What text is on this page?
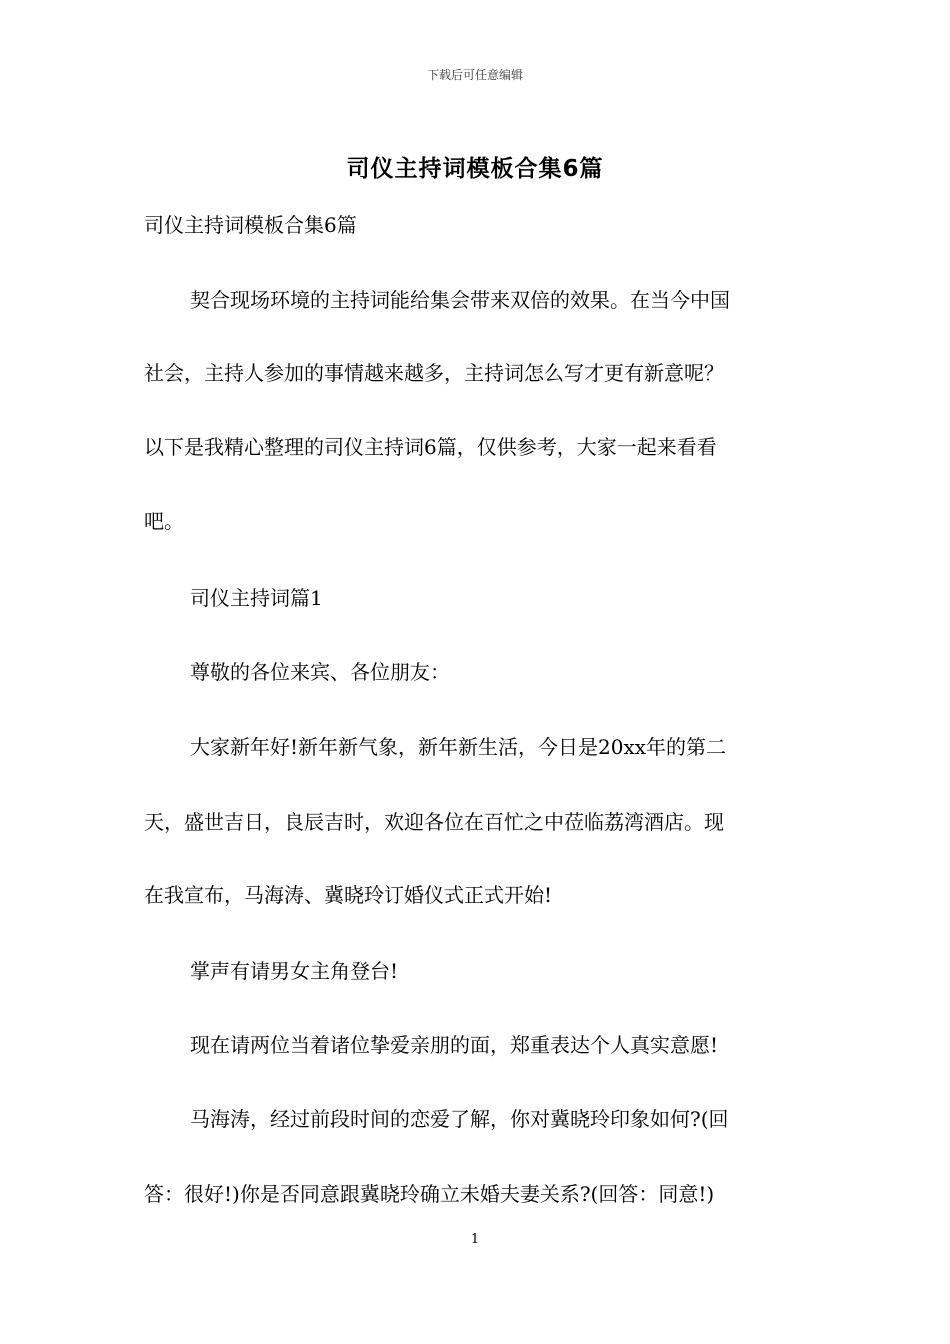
下载后可任意编辑
司仪主持词模板合集6篇
司仪主持词模板合集6篇
契合现场环境的主持词能给集会带来双倍的效果。在当今中国
社会，主持人参加的事情越来越多，主持词怎么写才更有新意呢？
以下是我精心整理的司仪主持词6篇，仅供参考，大家一起来看看
吧。
司仪主持词篇1
尊敬的各位来宾、各位朋友：
大家新年好!新年新气象，新年新生活，今日是20xx年的第二
天，盛世吉日，良辰吉时，欢迎各位在百忙之中莅临荔湾酒店。现
在我宣布，马海涛、冀晓玲订婚仪式正式开始!
掌声有请男女主角登台!
现在请两位当着诸位挚爱亲朋的面，郑重表达个人真实意愿!
马海涛，经过前段时间的恋爱了解，你对冀晓玲印象如何?(回
答：很好!)你是否同意跟冀晓玲确立未婚夫妻关系?(回答：同意!)
1
